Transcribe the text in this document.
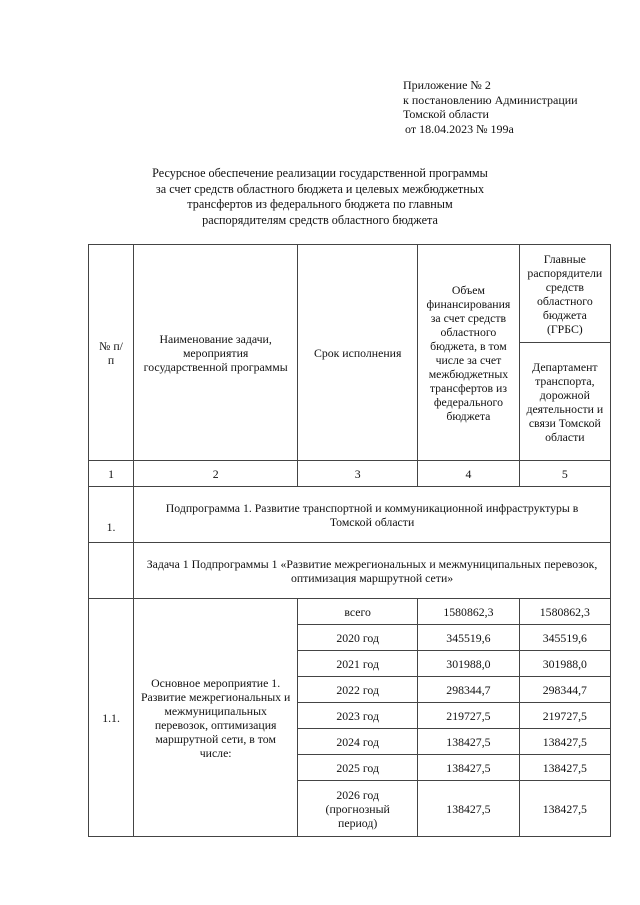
Приложение № 2
к постановлению Администрации
Томской области
от 18.04.2023 № 199а
Ресурсное обеспечение реализации государственной программы
за счет средств областного бюджета и целевых межбюджетных
трансфертов из федерального бюджета по главным
распорядителям средств областного бюджета
№ п/п	Наименование задачи, мероприятия государственной программы	Срок исполнения	Объем финансирования за счет средств областного бюджета, в том числе за счет межбюджетных трансфертов из федерального бюджета	Главные распорядители средств областного бюджета (ГРБС)
				Департамент транспорта, дорожной деятельности и связи Томской области
1	2	3	4	5
1.	Подпрограмма 1. Развитие транспортной и коммуникационной инфраструктуры в Томской области			
	Задача 1 Подпрограммы 1 «Развитие межрегиональных и межмуниципальных перевозок, оптимизация маршрутной сети»			
1.1.	Основное мероприятие 1. Развитие межрегиональных и межмуниципальных перевозок, оптимизация маршрутной сети, в том числе:	всего	1580862,3	1580862,3
		2020 год	345519,6	345519,6
		2021 год	301988,0	301988,0
		2022 год	298344,7	298344,7
		2023 год	219727,5	219727,5
		2024 год	138427,5	138427,5
		2025 год	138427,5	138427,5
		2026 год (прогнозный период)	138427,5	138427,5
